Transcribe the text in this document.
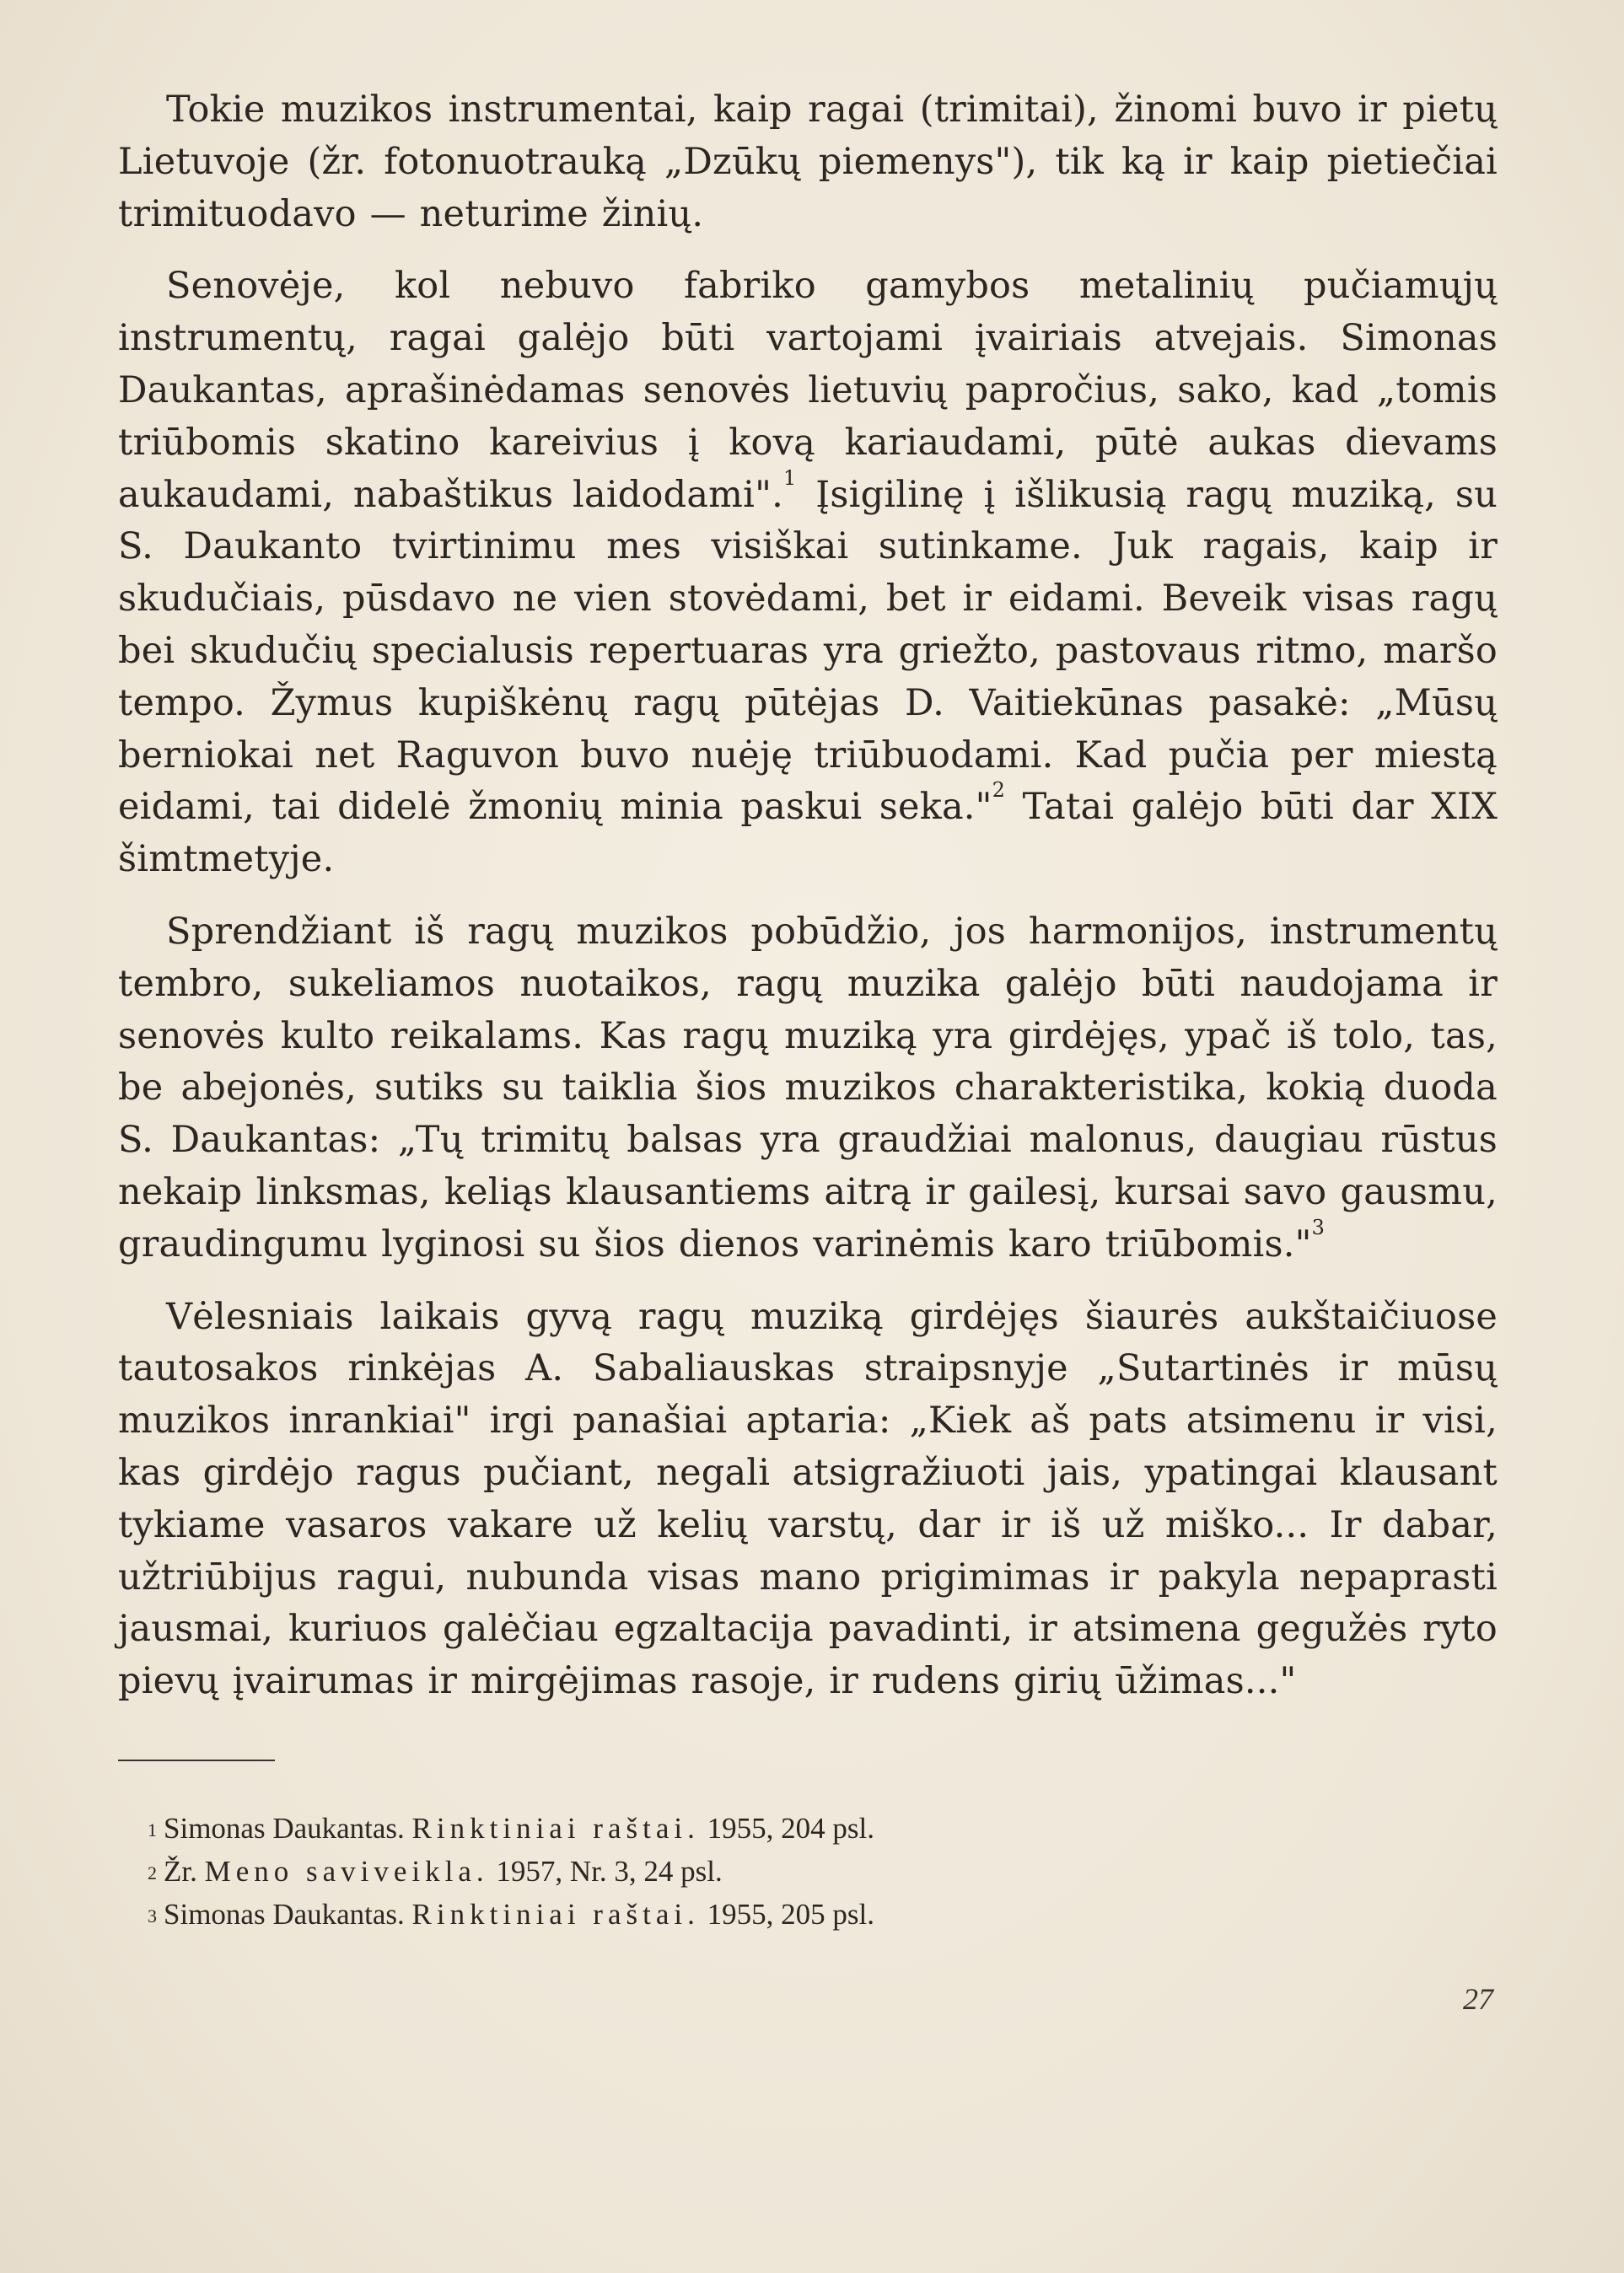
Tokie muzikos instrumentai, kaip ragai (trimitai), žinomi buvo ir pietų Lietuvoje (žr. fotonuotrauką „Dzūkų piemenys"), tik ką ir kaip pietiečiai trimituodavo — neturime žinių.

Senovėje, kol nebuvo fabriko gamybos metalinių pučiamųjų instrumentų, ragai galėjo būti vartojami įvairiais atvejais. Simonas Daukantas, aprašinėdamas senovės lietuvių papročius, sako, kad „tomis triūbomis skatino kareivius į kovą kariaudami, pūtė aukas dievams aukaudami, nabaštikus laidodami".$^1$ Įsigilinę į išlikusią ragų muziką, su S. Daukanto tvirtinimu mes visiškai sutinkame. Juk ragais, kaip ir skudučiais, pūsdavo ne vien stovėdami, bet ir eidami. Beveik visas ragų bei skudučių specialusis repertuaras yra griežto, pastovaus ritmo, maršo tempo. Žymus kupiškėnų ragų pūtėjas D. Vaitiekūnas pasakė: „Mūsų berniokai net Raguvon buvo nuėję triūbuodami. Kad pučia per miestą eidami, tai didelė žmonių minia paskui seka."$^2$ Tatai galėjo būti dar XIX šimtmetyje.

Sprendžiant iš ragų muzikos pobūdžio, jos harmonijos, instrumentų tembro, sukeliamos nuotaikos, ragų muzika galėjo būti naudojama ir senovės kulto reikalams. Kas ragų muziką yra girdėjęs, ypač iš tolo, tas, be abejonės, sutiks su taiklia šios muzikos charakteristika, kokią duoda S. Daukantas: „Tų trimitų balsas yra graudžiai malonus, daugiau rūstus nekaip linksmas, keliąs klausantiems aitrą ir gailesį, kursai savo gausmu, graudingumu lyginosi su šios dienos varinėmis karo triūbomis."$^3$

Vėlesniais laikais gyvą ragų muziką girdėjęs šiaurės aukštaičiuose tautosakos rinkėjas A. Sabaliauskas straipsnyje „Sutartinės ir mūsų muzikos inrankiai" irgi panašiai aptaria: „Kiek aš pats atsimenu ir visi, kas girdėjo ragus pučiant, negali atsigražiuoti jais, ypatingai klausant tykiame vasaros vakare už kelių varstų, dar ir iš už miško... Ir dabar, užtriūbijus ragui, nubunda visas mano prigimimas ir pakyla nepaprasti jausmai, kuriuos galėčiau egzaltacija pavadinti, ir atsimena gegužės ryto pievų įvairumas ir mirgėjimas rasoje, ir rudens girių ūžimas..."

$^1$ Simonas Daukantas. Rinktiniai raštai. 1955, 204 psl.
$^2$ Žr. Meno saviveikla. 1957, Nr. 3, 24 psl.
$^3$ Simonas Daukantas. Rinktiniai raštai. 1955, 205 psl.
27
